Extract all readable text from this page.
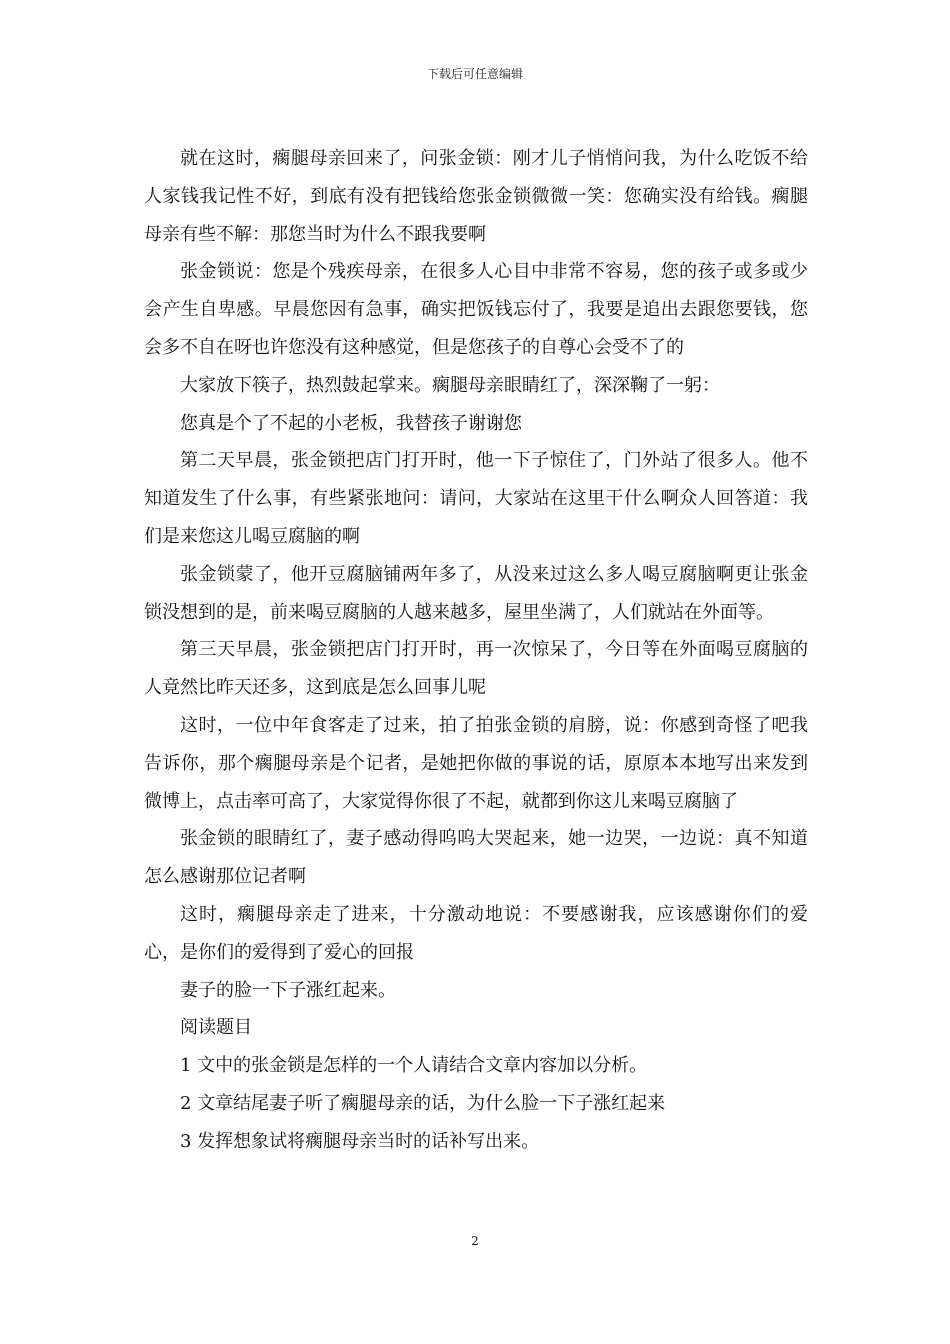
下载后可任意编辑

就在这时，瘸腿母亲回来了，问张金锁：刚才儿子悄悄问我，为什么吃饭不给人家钱我记性不好，到底有没有把钱给您张金锁微微一笑：您确实没有给钱。瘸腿母亲有些不解：那您当时为什么不跟我要啊

张金锁说：您是个残疾母亲，在很多人心目中非常不容易，您的孩子或多或少会产生自卑感。早晨您因有急事，确实把饭钱忘付了，我要是追出去跟您要钱，您会多不自在呀也许您没有这种感觉，但是您孩子的自尊心会受不了的

大家放下筷子，热烈鼓起掌来。瘸腿母亲眼睛红了，深深鞠了一躬：

您真是个了不起的小老板，我替孩子谢谢您

第二天早晨，张金锁把店门打开时，他一下子惊住了，门外站了很多人。他不知道发生了什么事，有些紧张地问：请问，大家站在这里干什么啊众人回答道：我们是来您这儿喝豆腐脑的啊

张金锁蒙了，他开豆腐脑铺两年多了，从没来过这么多人喝豆腐脑啊更让张金锁没想到的是，前来喝豆腐脑的人越来越多，屋里坐满了，人们就站在外面等。

第三天早晨，张金锁把店门打开时，再一次惊呆了，今日等在外面喝豆腐脑的人竟然比昨天还多，这到底是怎么回事儿呢

这时，一位中年食客走了过来，拍了拍张金锁的肩膀，说：你感到奇怪了吧我告诉你，那个瘸腿母亲是个记者，是她把你做的事说的话，原原本本地写出来发到微博上，点击率可高了，大家觉得你很了不起，就都到你这儿来喝豆腐脑了

张金锁的眼睛红了，妻子感动得呜呜大哭起来，她一边哭，一边说：真不知道怎么感谢那位记者啊

这时，瘸腿母亲走了进来，十分激动地说：不要感谢我，应该感谢你们的爱心，是你们的爱得到了爱心的回报

妻子的脸一下子涨红起来。

阅读题目

1 文中的张金锁是怎样的一个人请结合文章内容加以分析。

2 文章结尾妻子听了瘸腿母亲的话，为什么脸一下子涨红起来

3 发挥想象试将瘸腿母亲当时的话补写出来。

2
